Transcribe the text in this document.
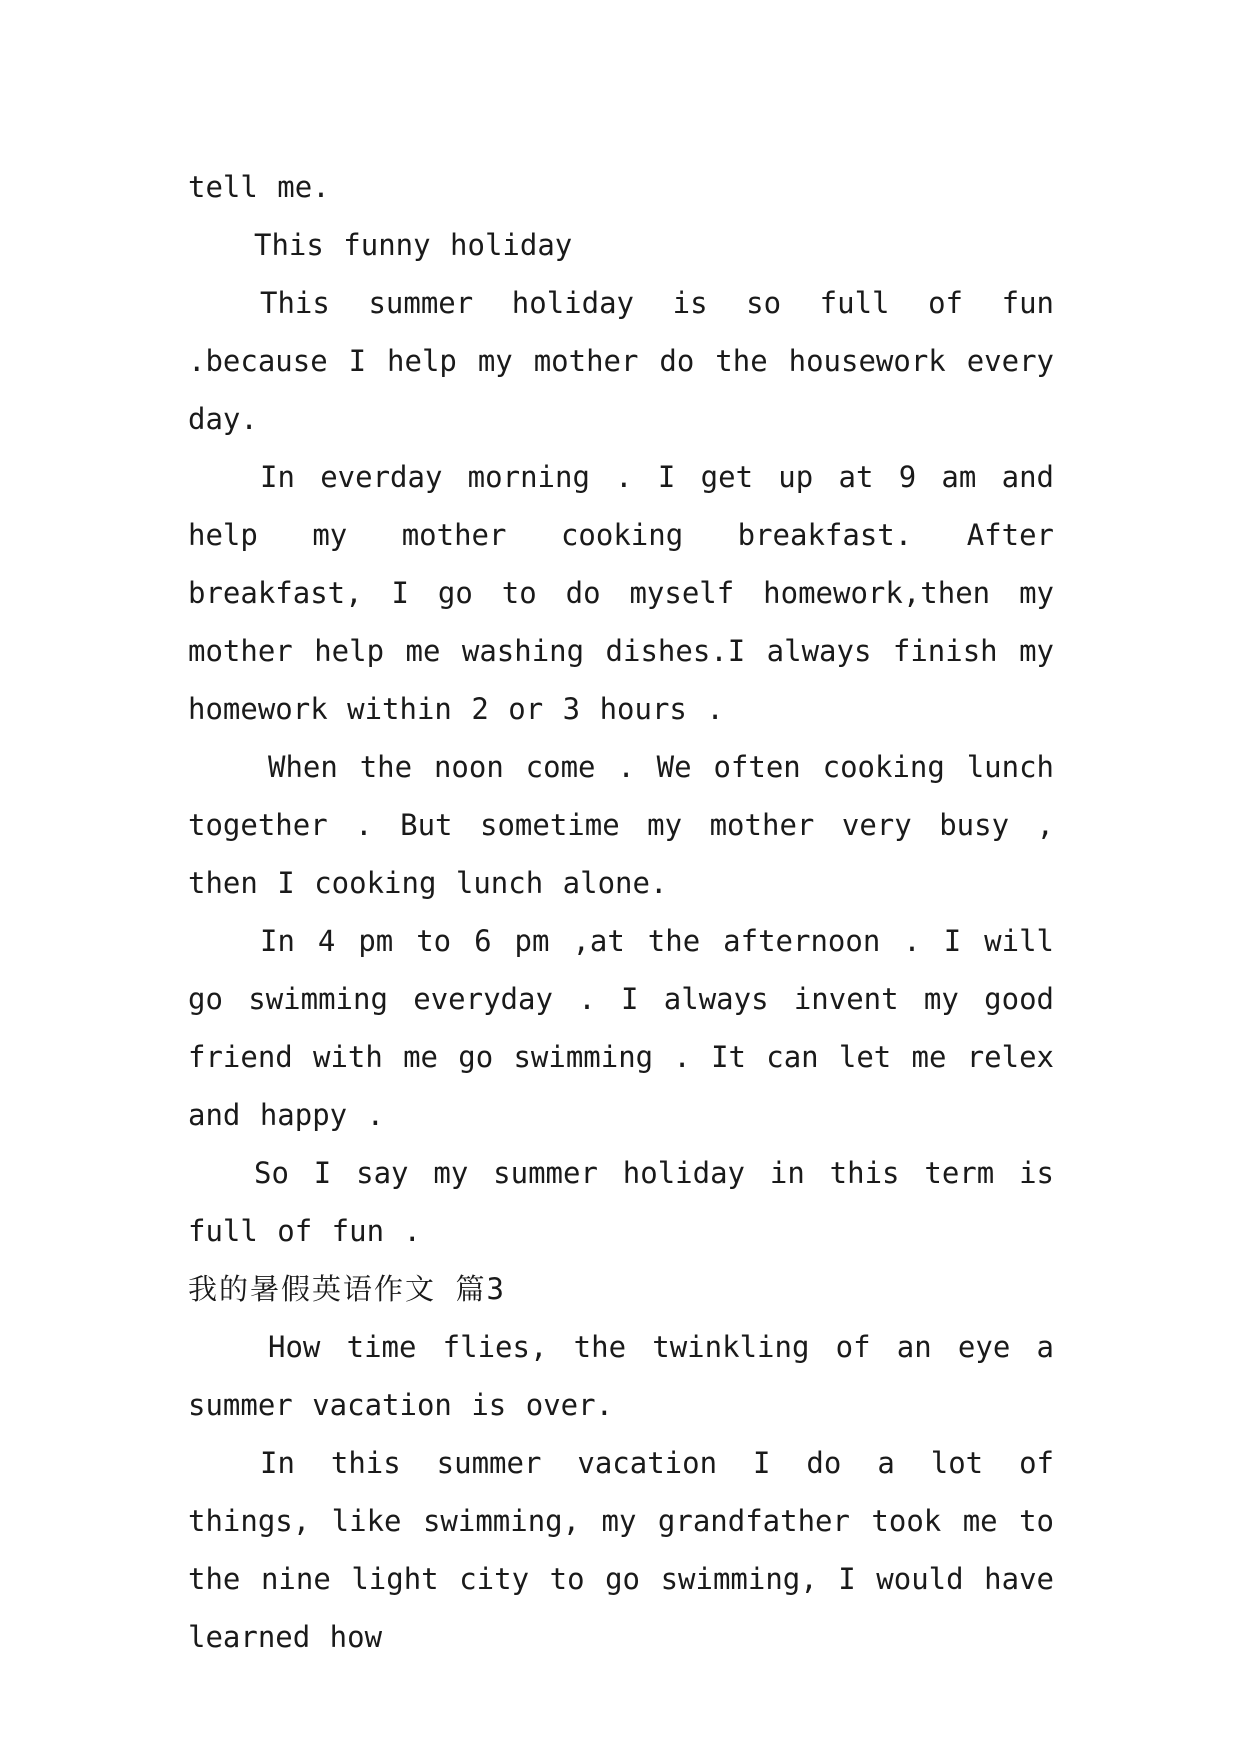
tell me.

This funny holiday

This summer holiday is so full of fun .because I help my mother do the housework every day.

In everday morning . I get up at 9 am and help my mother cooking breakfast. After breakfast, I go to do myself homework,then my mother help me washing dishes.I always finish my homework within 2 or 3 hours .

When the noon come . We often cooking lunch together . But sometime my mother very busy , then I cooking lunch alone.

In 4 pm to 6 pm ,at the afternoon . I will go swimming everyday . I always invent my good friend with me go swimming . It can let me relex and happy .

So I say my summer holiday in this term is full of fun .

我的暑假英语作文 篇3

How time flies, the twinkling of an eye a summer vacation is over.

In this summer vacation I do a lot of things, like swimming, my grandfather took me to the nine light city to go swimming, I would have learned how
